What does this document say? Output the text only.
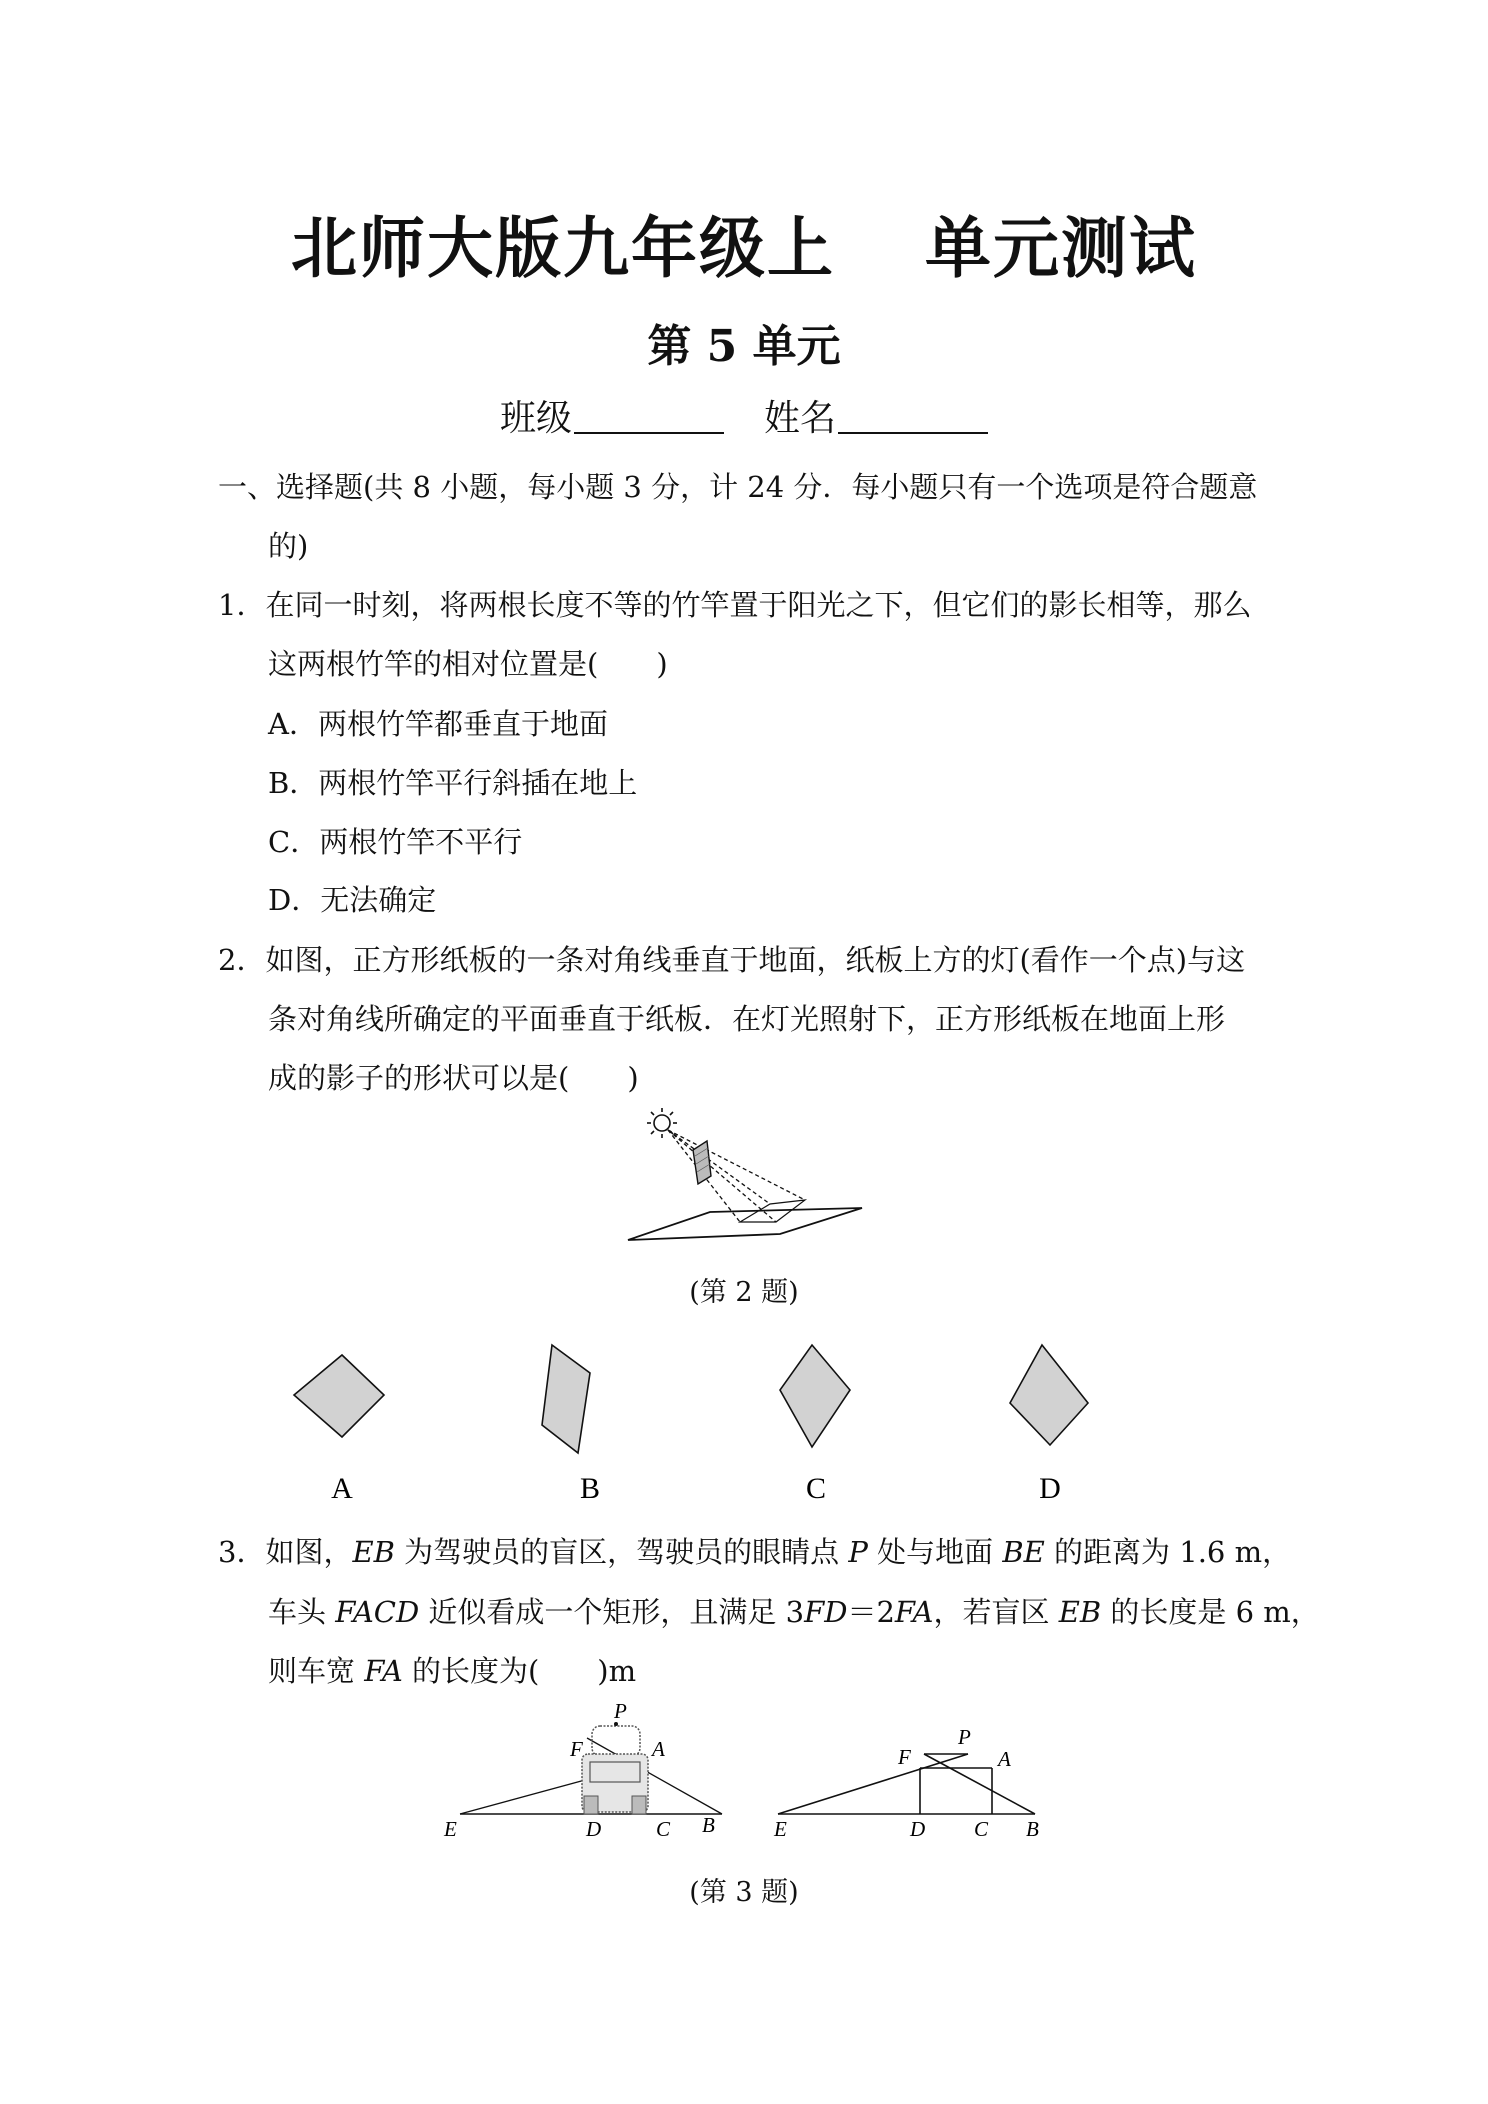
北师大版九年级上 单元测试
第 5 单元
班级	姓名
一、选择题(共 8 小题，每小题 3 分，计 24 分．每小题只有一个选项是符合题意
的)
1．在同一时刻，将两根长度不等的竹竿置于阳光之下，但它们的影长相等，那么
这两根竹竿的相对位置是(　　)
A．两根竹竿都垂直于地面
B．两根竹竿平行斜插在地上
C．两根竹竿不平行
D．无法确定
2．如图，正方形纸板的一条对角线垂直于地面，纸板上方的灯(看作一个点)与这
条对角线所确定的平面垂直于纸板．在灯光照射下，正方形纸板在地面上形
成的影子的形状可以是(　　)
(第 2 题)
A	B	C	D
3．如图，EB 为驾驶员的盲区，驾驶员的眼睛点 P 处与地面 BE 的距离为 1.6 m，
车头 FACD 近似看成一个矩形，且满足 3FD＝2FA，若盲区 EB 的长度是 6 m，
则车宽 FA 的长度为(　　)m
P
F	A
E	D	C B
P
F	A
E	D C B
(第 3 题)
